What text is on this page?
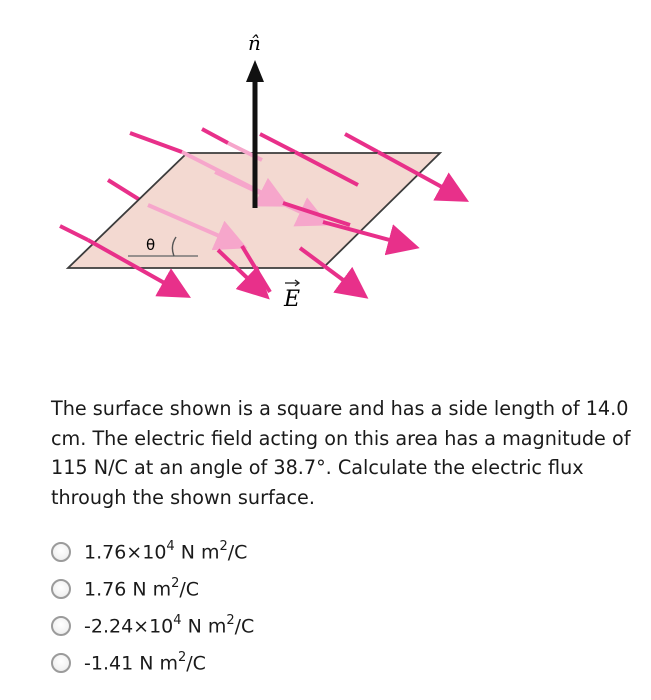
θ
n̂
E

The surface shown is a square and has a side length of 14.0 cm. The electric field acting on this area has a magnitude of 115 N/C at an angle of 38.7°. Calculate the electric flux through the shown surface.

$1.76\times 10^4$ N $m^2/C$
1.76 N $m^2/C$
$-2.24\times 10^4$ N $m^2/C$
-1.41 N $m^2/C$
